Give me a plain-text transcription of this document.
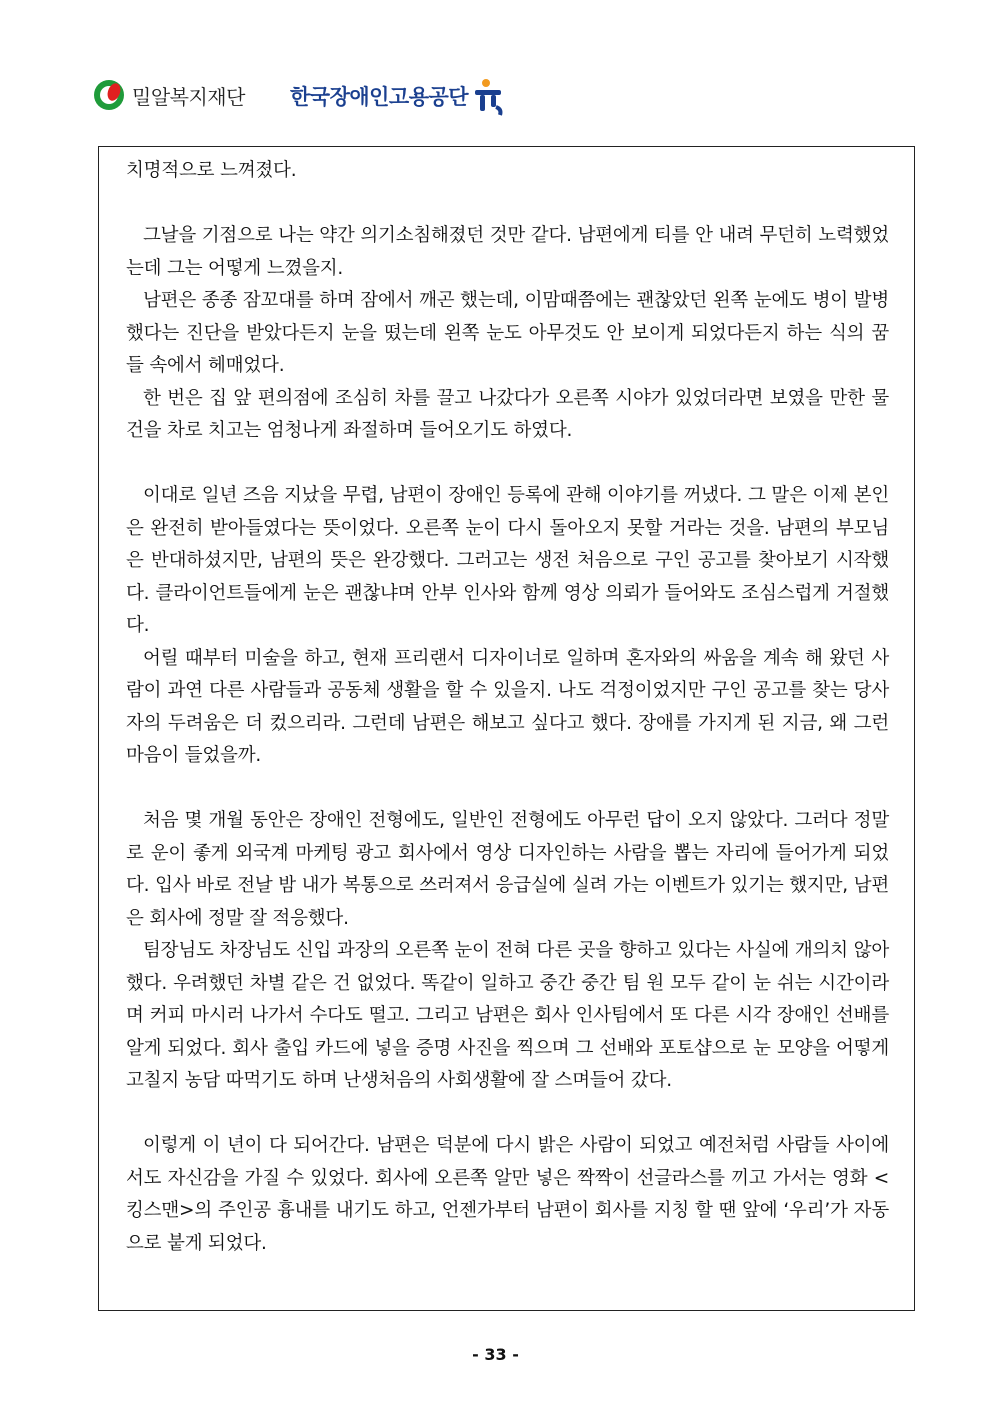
밀알복지재단 한국장애인고용공단

치명적으로 느껴졌다.

그날을 기점으로 나는 약간 의기소침해졌던 것만 같다. 남편에게 티를 안 내려 무던히 노력했었는데 그는 어떻게 느꼈을지.

남편은 종종 잠꼬대를 하며 잠에서 깨곤 했는데, 이맘때쯤에는 괜찮았던 왼쪽 눈에도 병이 발병했다는 진단을 받았다든지 눈을 떴는데 왼쪽 눈도 아무것도 안 보이게 되었다든지 하는 식의 꿈들 속에서 헤매었다.

한 번은 집 앞 편의점에 조심히 차를 끌고 나갔다가 오른쪽 시야가 있었더라면 보였을 만한 물건을 차로 치고는 엄청나게 좌절하며 들어오기도 하였다.

이대로 일년 즈음 지났을 무렵, 남편이 장애인 등록에 관해 이야기를 꺼냈다. 그 말은 이제 본인은 완전히 받아들였다는 뜻이었다. 오른쪽 눈이 다시 돌아오지 못할 거라는 것을. 남편의 부모님은 반대하셨지만, 남편의 뜻은 완강했다. 그러고는 생전 처음으로 구인 공고를 찾아보기 시작했다. 클라이언트들에게 눈은 괜찮냐며 안부 인사와 함께 영상 의뢰가 들어와도 조심스럽게 거절했다.

어릴 때부터 미술을 하고, 현재 프리랜서 디자이너로 일하며 혼자와의 싸움을 계속 해 왔던 사람이 과연 다른 사람들과 공동체 생활을 할 수 있을지. 나도 걱정이었지만 구인 공고를 찾는 당사자의 두려움은 더 컸으리라. 그런데 남편은 해보고 싶다고 했다. 장애를 가지게 된 지금, 왜 그런 마음이 들었을까.

처음 몇 개월 동안은 장애인 전형에도, 일반인 전형에도 아무런 답이 오지 않았다. 그러다 정말로 운이 좋게 외국계 마케팅 광고 회사에서 영상 디자인하는 사람을 뽑는 자리에 들어가게 되었다. 입사 바로 전날 밤 내가 복통으로 쓰러져서 응급실에 실려 가는 이벤트가 있기는 했지만, 남편은 회사에 정말 잘 적응했다.

팀장님도 차장님도 신입 과장의 오른쪽 눈이 전혀 다른 곳을 향하고 있다는 사실에 개의치 않아 했다. 우려했던 차별 같은 건 없었다. 똑같이 일하고 중간 중간 팀 원 모두 같이 눈 쉬는 시간이라며 커피 마시러 나가서 수다도 떨고. 그리고 남편은 회사 인사팀에서 또 다른 시각 장애인 선배를 알게 되었다. 회사 출입 카드에 넣을 증명 사진을 찍으며 그 선배와 포토샵으로 눈 모양을 어떻게 고칠지 농담 따먹기도 하며 난생처음의 사회생활에 잘 스며들어 갔다.

이렇게 이 년이 다 되어간다. 남편은 덕분에 다시 밝은 사람이 되었고 예전처럼 사람들 사이에서도 자신감을 가질 수 있었다. 회사에 오른쪽 알만 넣은 짝짝이 선글라스를 끼고 가서는 영화 <킹스맨>의 주인공 흉내를 내기도 하고, 언젠가부터 남편이 회사를 지칭 할 땐 앞에 ‘우리’가 자동으로 붙게 되었다.

- 33 -
